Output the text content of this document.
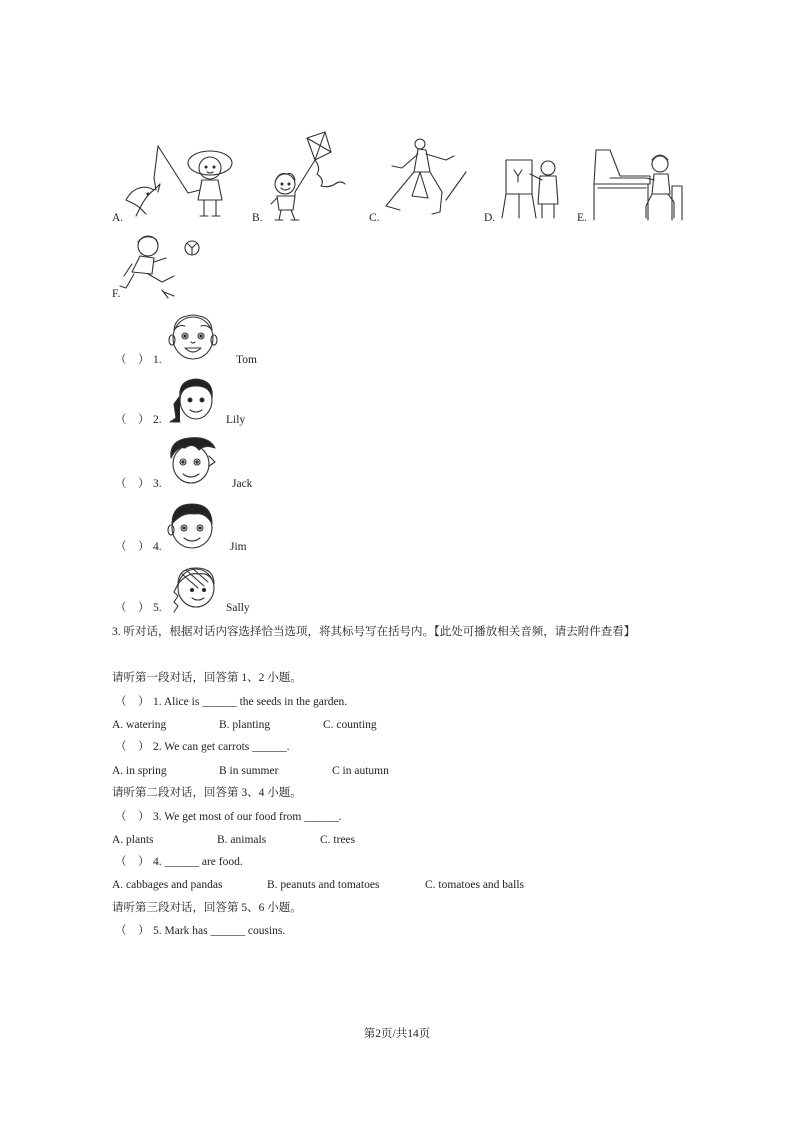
A.	B.	C.	D.	E.
F.
（　） 1.	Tom
（　） 2.	Lily
（　） 3.	Jack
（　） 4.	Jim
（　） 5.	Sally
3. 听对话，根据对话内容选择恰当选项，将其标号写在括号内。【此处可播放相关音频，请去附件查看】
请听第一段对话，回答第 1、2 小题。
（　） 1. Alice is ______ the seeds in the garden.
A. watering	B. planting	C. counting
（　） 2. We can get carrots ______.
A. in spring	B in summer	C in autumn
请听第二段对话，回答第 3、4 小题。
（　） 3. We get most of our food from ______.
A. plants	B. animals	C. trees
（　） 4. ______ are food.
A. cabbages and pandas	B. peanuts and tomatoes	C. tomatoes and balls
请听第三段对话，回答第 5、6 小题。
（　） 5. Mark has ______ cousins.
第2页/共14页
